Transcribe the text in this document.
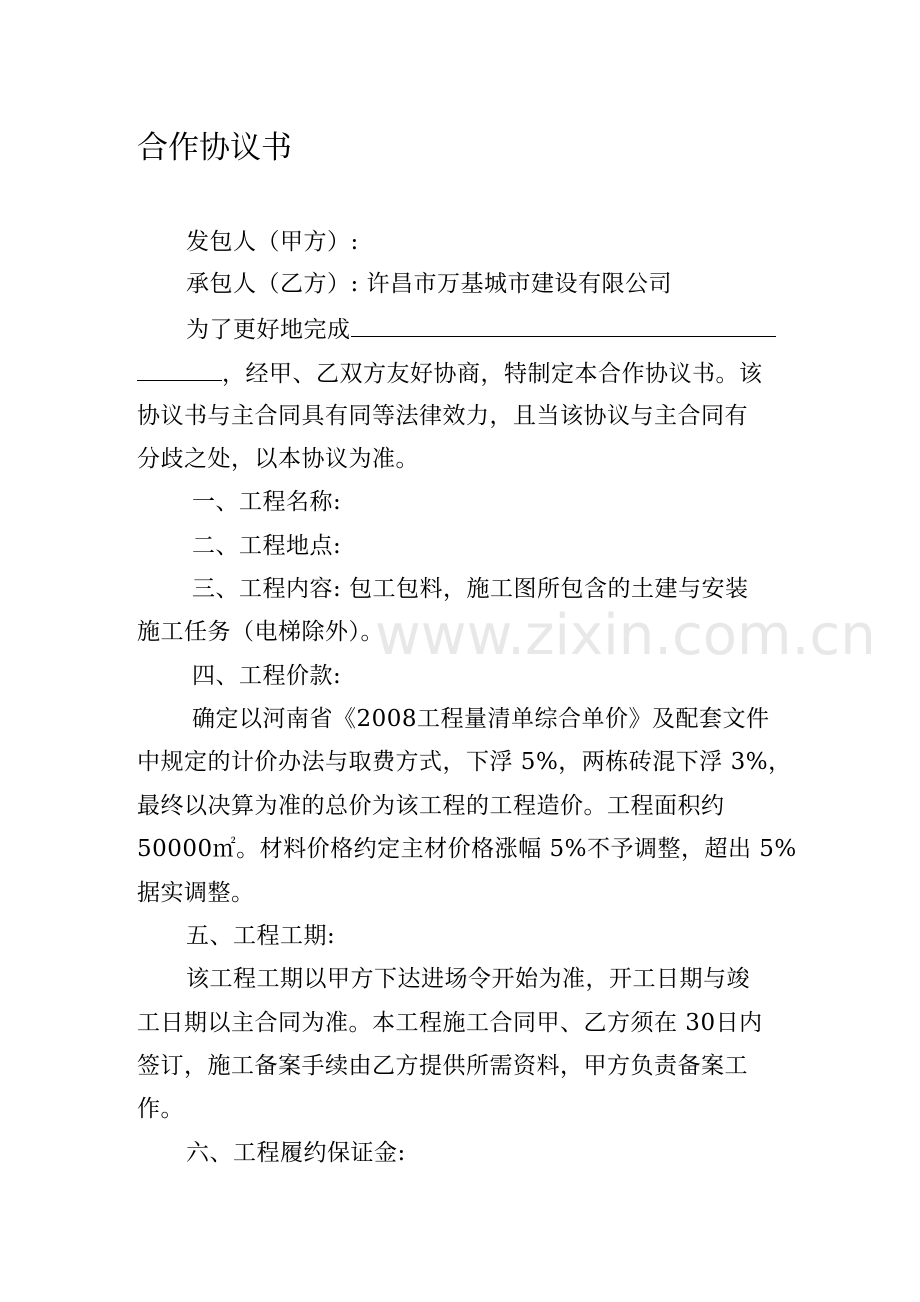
合作协议书
发包人（甲方）:
承包人（乙方）: 许昌市万基城市建设有限公司
为了更好地完成
，经甲、乙双方友好协商，特制定本合作协议书。该
协议书与主合同具有同等法律效力，且当该协议与主合同有
分歧之处，以本协议为准。
一、工程名称:
二、工程地点:
三、工程内容: 包工包料，施工图所包含的土建与安装
施工任务（电梯除外）。
四、工程价款:
确定以河南省《2008工程量清单综合单价》及配套文件
中规定的计价办法与取费方式，下浮 5%，两栋砖混下浮 3%，
最终以决算为准的总价为该工程的工程造价。工程面积约
50000㎡。材料价格约定主材价格涨幅 5%不予调整，超出 5%
据实调整。
五、工程工期:
该工程工期以甲方下达进场令开始为准，开工日期与竣
工日期以主合同为准。本工程施工合同甲、乙方须在 30日内
签订，施工备案手续由乙方提供所需资料，甲方负责备案工
作。
六、工程履约保证金:
www.zixin.com.cn
